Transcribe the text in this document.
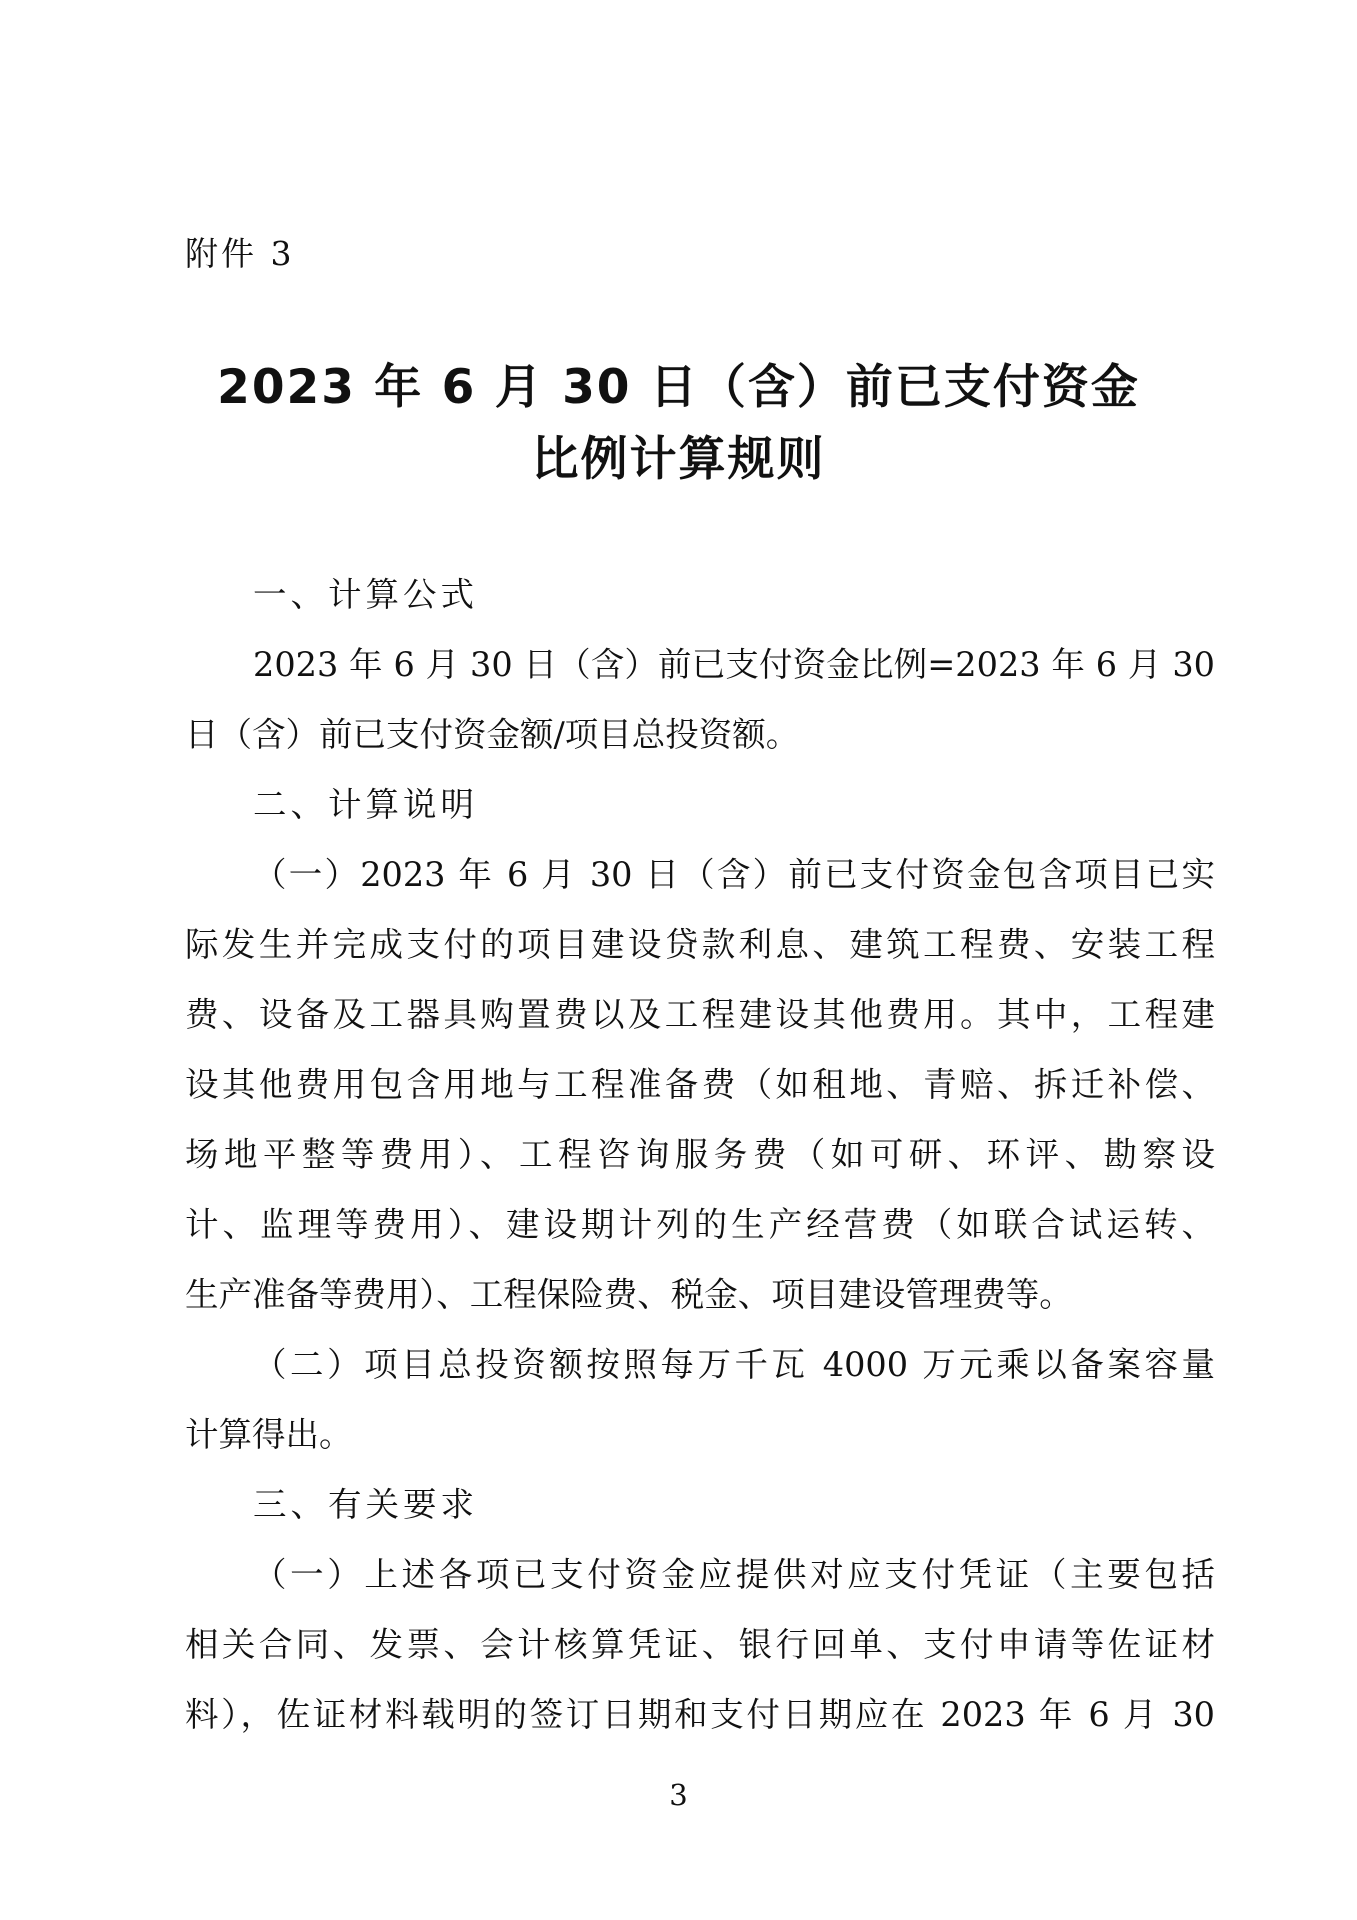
附件 3
2023 年 6 月 30 日（含）前已支付资金
比例计算规则
一、计算公式
2023 年 6 月 30 日（含）前已支付资金比例=2023 年 6 月 30
日（含）前已支付资金额/项目总投资额。
二、计算说明
（一）2023 年 6 月 30 日（含）前已支付资金包含项目已实
际发生并完成支付的项目建设贷款利息、建筑工程费、安装工程
费、设备及工器具购置费以及工程建设其他费用。其中，工程建
设其他费用包含用地与工程准备费（如租地、青赔、拆迁补偿、
场地平整等费用）、工程咨询服务费（如可研、环评、勘察设
计、监理等费用）、建设期计列的生产经营费（如联合试运转、
生产准备等费用）、工程保险费、税金、项目建设管理费等。
（二）项目总投资额按照每万千瓦 4000 万元乘以备案容量
计算得出。
三、有关要求
（一）上述各项已支付资金应提供对应支付凭证（主要包括
相关合同、发票、会计核算凭证、银行回单、支付申请等佐证材
料），佐证材料载明的签订日期和支付日期应在 2023 年 6 月 30
3
